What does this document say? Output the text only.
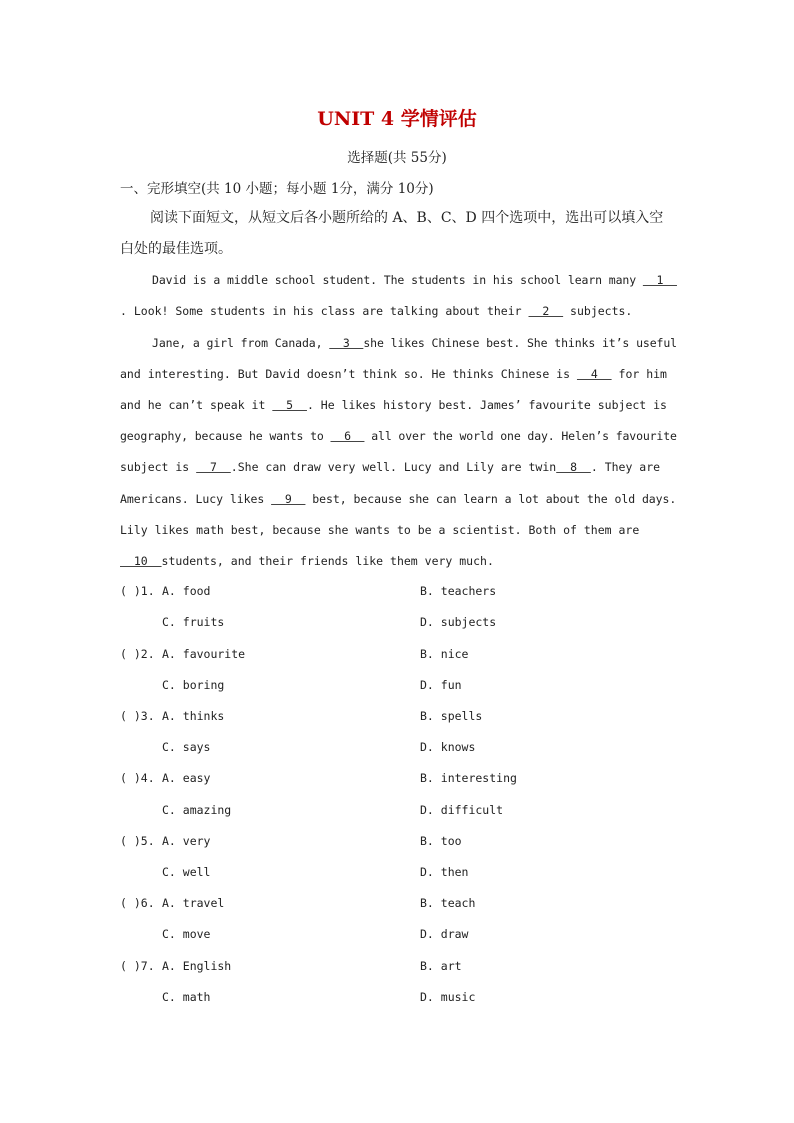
UNIT 4 学情评估
选择题(共 55分)
一、完形填空(共 10 小题；每小题 1分，满分 10分)

阅读下面短文，从短文后各小题所给的 A、B、C、D 四个选项中，选出可以填入空白处的最佳选项。

David is a middle school student. The students in his school learn many   1
. Look! Some students in his class are talking about their   2   subjects.
Jane, a girl from Canada,   3  she likes Chinese best. She thinks it’s useful
and interesting. But David doesn’t think so. He thinks Chinese is   4   for him
and he can’t speak it   5  . He likes history best. James’ favourite subject is
geography, because he wants to   6   all over the world one day. Helen’s favourite
subject is   7  .She can draw very well. Lucy and Lily are twin  8  . They are
Americans. Lucy likes   9   best, because she can learn a lot about the old days.
Lily likes math best, because she wants to be a scientist. Both of them are
10  students, and their friends like them very much.
( )1. A. food	B. teachers
C. fruits	D. subjects
( )2. A. favourite	B. nice
C. boring	D. fun
( )3. A. thinks	B. spells
C. says	D. knows
( )4. A. easy	B. interesting
C. amazing	D. difficult
( )5. A. very	B. too
C. well	D. then
( )6. A. travel	B. teach
C. move	D. draw
( )7. A. English	B. art
C. math	D. music
